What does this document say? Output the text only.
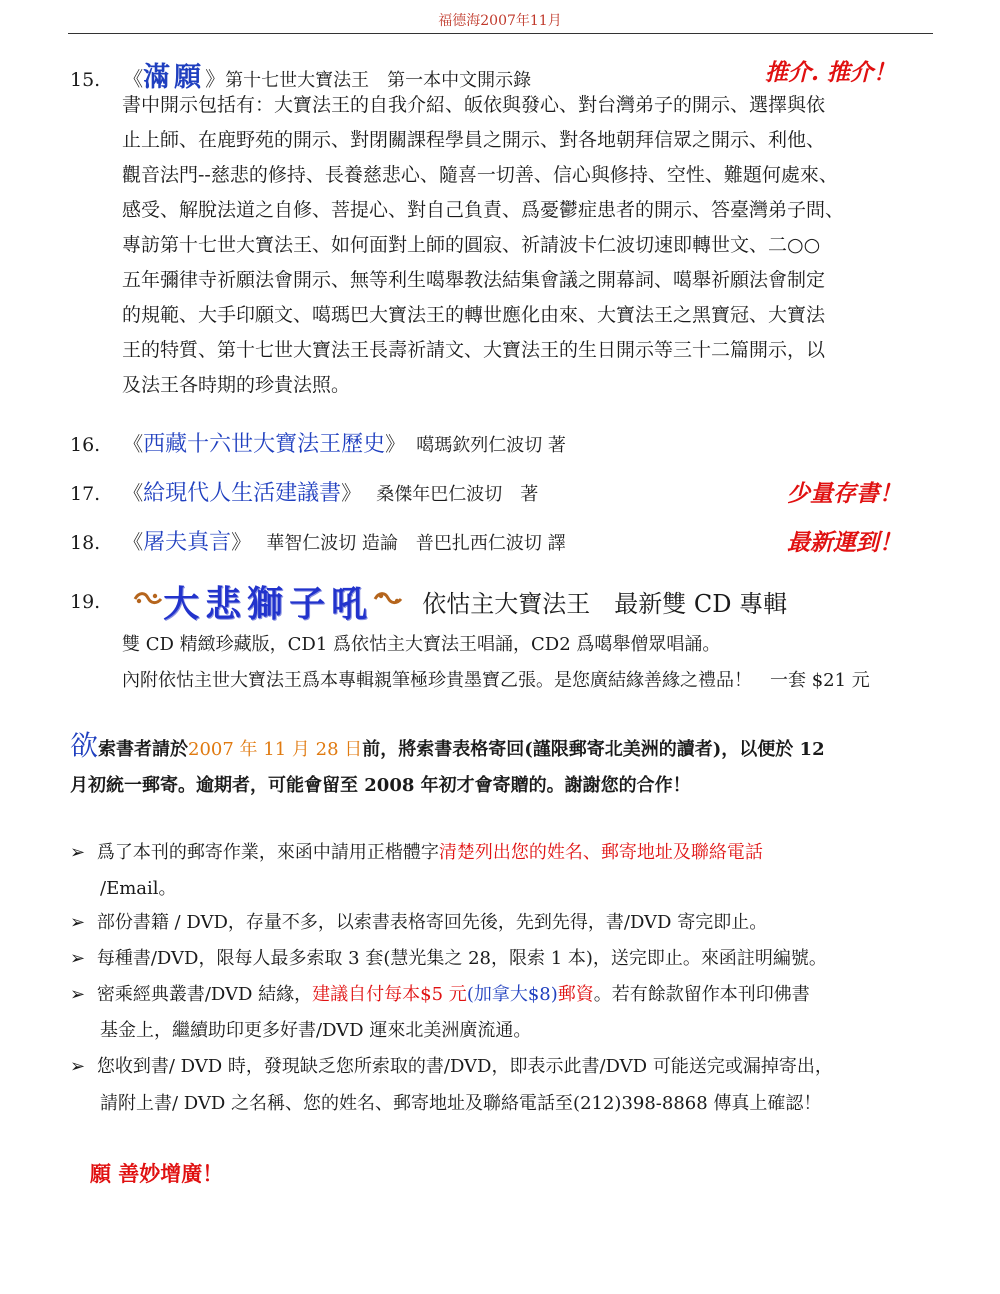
福德海2007年11月
15. 《滿願》第十七世大寶法王　第一本中文開示錄	推介. 推介！
書中開示包括有：大寶法王的自我介紹、皈依與發心、對台灣弟子的開示、選擇與依
止上師、在鹿野苑的開示、對閉關課程學員之開示、對各地朝拜信眾之開示、利他、
觀音法門--慈悲的修持、長養慈悲心、隨喜一切善、信心與修持、空性、難題何處來、
感受、解脫法道之自修、菩提心、對自己負責、爲憂鬱症患者的開示、答臺灣弟子問、
專訪第十七世大寶法王、如何面對上師的圓寂、祈請波卡仁波切速即轉世文、二○○
五年彌律寺祈願法會開示、無等利生噶舉教法結集會議之開幕詞、噶舉祈願法會制定
的規範、大手印願文、噶瑪巴大寶法王的轉世應化由來、大寶法王之黑寶冠、大寶法
王的特質、第十七世大寶法王長壽祈請文、大寶法王的生日開示等三十二篇開示，以
及法王各時期的珍貴法照。
16. 《西藏十六世大寶法王歷史》 噶瑪欽列仁波切 著
17. 《給現代人生活建議書》 桑傑年巴仁波切　著	少量存書！
18. 《屠夫真言》 華智仁波切 造論　普巴扎西仁波切 譯	最新運到！
19. 大悲獅子吼 依怙主大寶法王　最新雙 CD 專輯
雙 CD 精緻珍藏版，CD1 爲依怙主大寶法王唱誦，CD2 爲噶舉僧眾唱誦。
內附依怙主世大寶法王爲本專輯親筆極珍貴墨寶乙張。是您廣結緣善緣之禮品！　一套 $21 元
欲索書者請於2007 年 11 月 28 日前，將索書表格寄回(謹限郵寄北美洲的讀者)，以便於 12
月初統一郵寄。逾期者，可能會留至 2008 年初才會寄贈的。謝謝您的合作！
➢ 爲了本刊的郵寄作業，來函中請用正楷體字清楚列出您的姓名、郵寄地址及聯絡電話
/Email。
➢ 部份書籍 / DVD，存量不多，以索書表格寄回先後，先到先得，書/DVD 寄完即止。
➢ 每種書/DVD，限每人最多索取 3 套(慧光集之 28，限索 1 本)，送完即止。來函註明編號。
➢ 密乘經典叢書/DVD 結緣，建議自付每本$5 元(加拿大$8)郵資。若有餘款留作本刊印佛書
基金上，繼續助印更多好書/DVD 運來北美洲廣流通。
➢ 您收到書/ DVD 時，發現缺乏您所索取的書/DVD，即表示此書/DVD 可能送完或漏掉寄出，
請附上書/ DVD 之名稱、您的姓名、郵寄地址及聯絡電話至(212)398-8868 傳真上確認！
願 善妙增廣！
